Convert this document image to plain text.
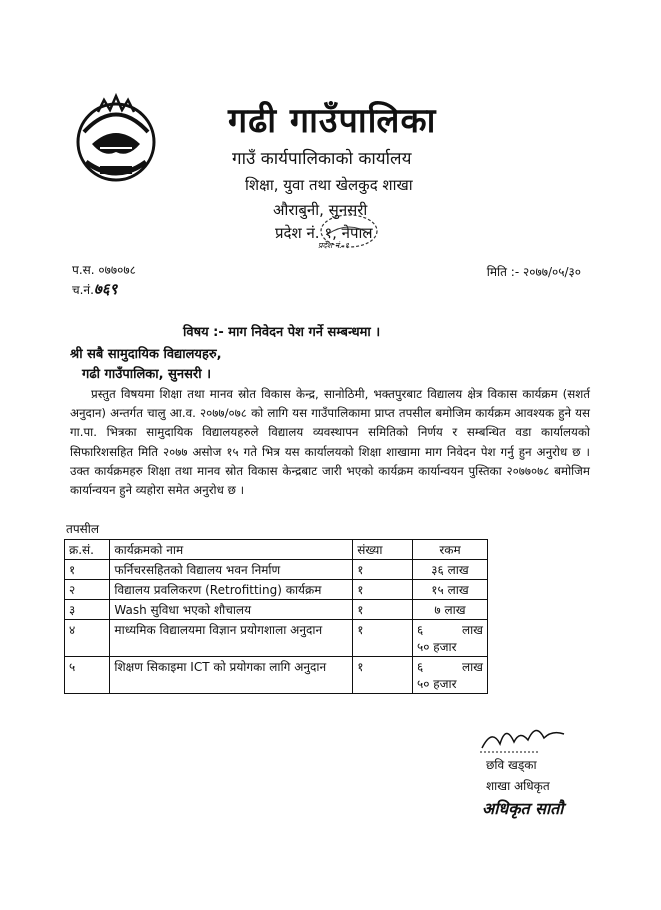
गढी गाउँपालिका
गाउँ कार्यपालिकाको कार्यालय
शिक्षा, युवा तथा खेलकुद शाखा
औराबुनी, सुनसरी
प्रदेश नं. १, नेपाल
प्रदेश नं.-१
प.स. ०७७०७८
च.नं.७६९
मिति :- २०७७/०५/३०
विषय :- माग निवेदन पेश गर्ने सम्बन्धमा ।
श्री सबै सामुदायिक विद्यालयहरु,
गढी गाउँपालिका, सुनसरी ।
प्रस्तुत विषयमा शिक्षा तथा मानव स्रोत विकास केन्द्र, सानोठिमी, भक्तपुरबाट विद्यालय क्षेत्र विकास कार्यक्रम (सशर्त अनुदान) अन्तर्गत चालु आ.व. २०७७/०७८ को लागि यस गाउँपालिकामा प्राप्त तपसील बमोजिम कार्यक्रम आवश्यक हुने यस गा.पा. भित्रका सामुदायिक विद्यालयहरुले विद्यालय व्यवस्थापन समितिको निर्णय र सम्बन्धित वडा कार्यालयको सिफारिशसहित मिति २०७७ असोज १५ गते भित्र यस कार्यालयको शिक्षा शाखामा माग निवेदन पेश गर्नु हुन अनुरोध छ । उक्त कार्यक्रमहरु शिक्षा तथा मानव स्रोत विकास केन्द्रबाट जारी भएको कार्यक्रम कार्यान्वयन पुस्तिका २०७७०७८ बमोजिम कार्यान्वयन हुने व्यहोरा समेत अनुरोध छ ।
तपसील
क्र.सं.	कार्यक्रमको नाम	संख्या	रकम
१	फर्निचरसहितको विद्यालय भवन निर्माण	१	३६ लाख
२	विद्यालय प्रवलिकरण (Retrofitting) कार्यक्रम	१	१५ लाख
३	Wash सुविधा भएको शौचालय	१	७ लाख
४	माध्यमिक विद्यालयमा विज्ञान प्रयोगशाला अनुदान	१	६ लाख
५० हजार

५	शिक्षण सिकाइमा ICT को प्रयोगका लागि अनुदान	१	६ लाख
५० हजार
छवि खड्का
शाखा अधिकृत
अधिकृत सातौ
